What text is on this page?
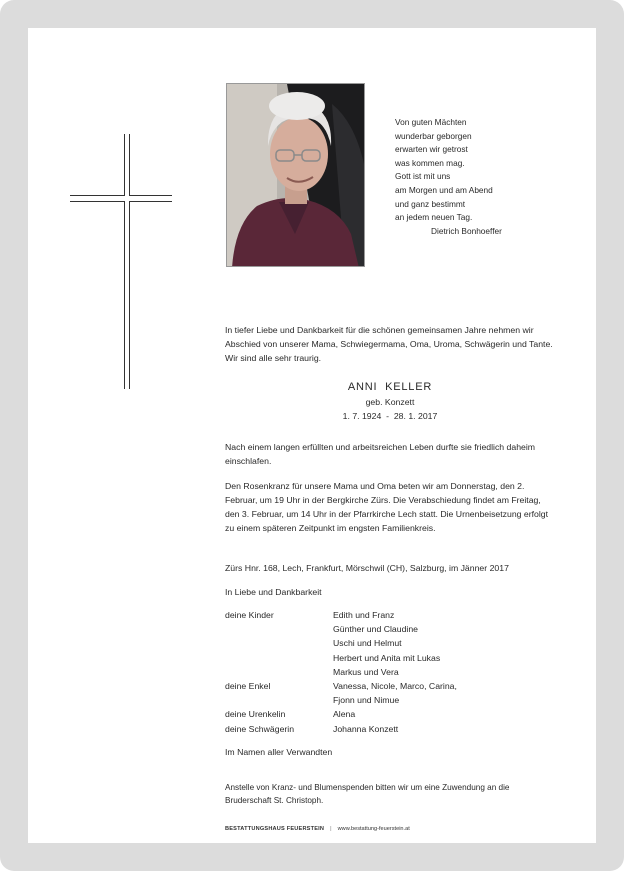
Von guten Mächten
wunderbar geborgen
erwarten wir getrost
was kommen mag.
Gott ist mit uns
am Morgen und am Abend
und ganz bestimmt
an jedem neuen Tag.
Dietrich Bonhoeffer
In tiefer Liebe und Dankbarkeit für die schönen gemeinsamen Jahre nehmen wir Abschied von unserer Mama, Schwiegermama, Oma, Uroma, Schwägerin und Tante. Wir sind alle sehr traurig.
ANNI  KELLER
geb. Konzett
1. 7. 1924  -  28. 1. 2017
Nach einem langen erfüllten und arbeitsreichen Leben durfte sie friedlich daheim einschlafen.
Den Rosenkranz für unsere Mama und Oma beten wir am Donnerstag, den 2. Februar, um 19 Uhr in der Bergkirche Zürs. Die Verabschiedung findet am Freitag, den 3. Februar, um 14 Uhr in der Pfarrkirche Lech statt. Die Urnenbeisetzung erfolgt zu einem späteren Zeitpunkt im engsten Familienkreis.
Zürs Hnr. 168, Lech, Frankfurt, Mörschwil (CH), Salzburg, im Jänner 2017
In Liebe und Dankbarkeit
deine Kinder	Edith und Franz
Günther und Claudine
Uschi und Helmut
Herbert und Anita mit Lukas
Markus und Vera
deine Enkel	Vanessa, Nicole, Marco, Carina,
Fjonn und Nimue
deine Urenkelin	Alena
deine Schwägerin	Johanna Konzett
Im Namen aller Verwandten
Anstelle von Kranz- und Blumenspenden bitten wir um eine Zuwendung an die Bruderschaft St. Christoph.
BESTATTUNGSHAUS FEUERSTEIN | www.bestattung-feuerstein.at
